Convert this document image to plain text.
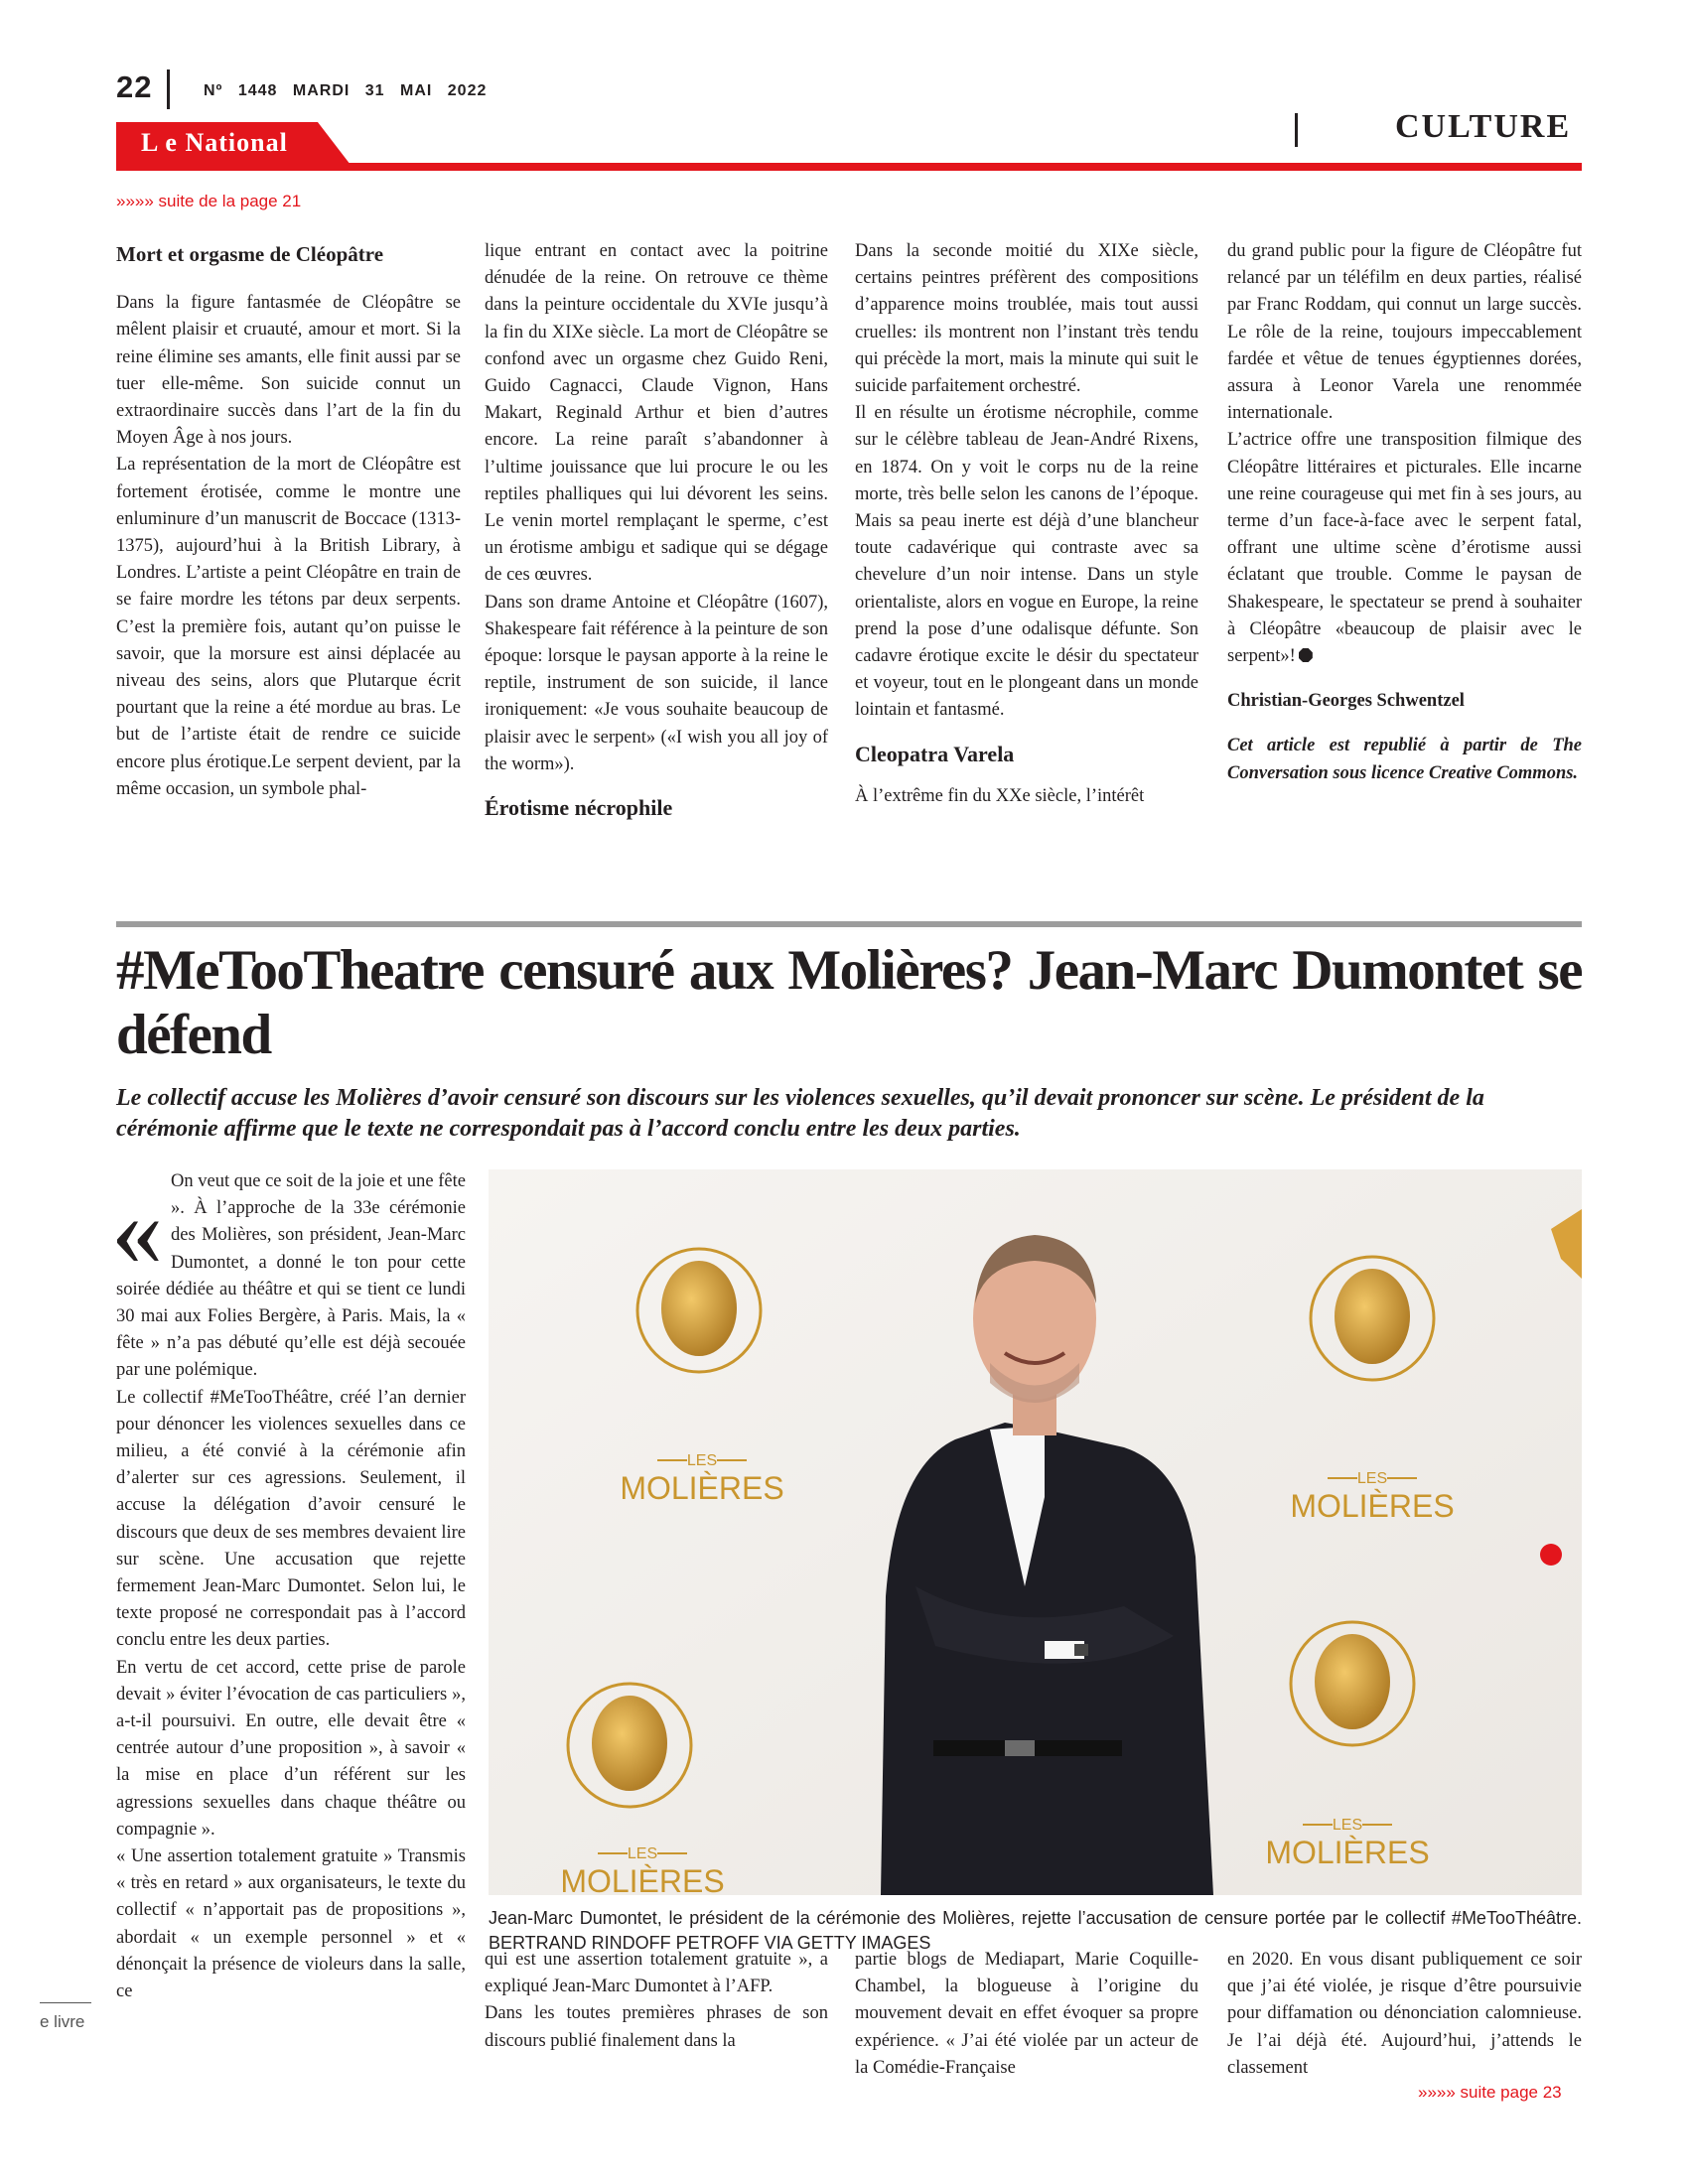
22	Nº 1448 MARDI 31 MAI 2022
L e National	CULTURE
»»»» suite de la page 21
Mort et orgasme de Cléopâtre

Dans la figure fantasmée de Cléopâtre se mêlent plaisir et cruauté, amour et mort. Si la reine élimine ses amants, elle finit aussi par se tuer elle-même. Son suicide connut un extraordinaire succès dans l’art de la fin du Moyen Âge à nos jours.

La représentation de la mort de Cléopâtre est fortement érotisée, comme le montre une enluminure d’un manuscrit de Boccace (1313-1375), aujourd’hui à la British Library, à Londres. L’artiste a peint Cléopâtre en train de se faire mordre les tétons par deux serpents. C’est la première fois, autant qu’on puisse le savoir, que la morsure est ainsi déplacée au niveau des seins, alors que Plutarque écrit pourtant que la reine a été mordue au bras. Le but de l’artiste était de rendre ce suicide encore plus érotique.Le serpent devient, par la même occasion, un symbole phal-

lique entrant en contact avec la poitrine dénudée de la reine. On retrouve ce thème dans la peinture occidentale du XVIe jusqu’à la fin du XIXe siècle. La mort de Cléopâtre se confond avec un orgasme chez Guido Reni, Guido Cagnacci, Claude Vignon, Hans Makart, Reginald Arthur et bien d’autres encore. La reine paraît s’abandonner à l’ultime jouissance que lui procure le ou les reptiles phalliques qui lui dévorent les seins. Le venin mortel remplaçant le sperme, c’est un érotisme ambigu et sadique qui se dégage de ces œuvres.

Dans son drame Antoine et Cléopâtre (1607), Shakespeare fait référence à la peinture de son époque: lorsque le paysan apporte à la reine le reptile, instrument de son suicide, il lance ironiquement: «Je vous souhaite beaucoup de plaisir avec le serpent» («I wish you all joy of the worm»).

Érotisme nécrophile

Dans la seconde moitié du XIXe siècle, certains peintres préfèrent des compositions d’apparence moins troublée, mais tout aussi cruelles: ils montrent non l’instant très tendu qui précède la mort, mais la minute qui suit le suicide parfaitement orchestré.

Il en résulte un érotisme nécrophile, comme sur le célèbre tableau de Jean-André Rixens, en 1874. On y voit le corps nu de la reine morte, très belle selon les canons de l’époque. Mais sa peau inerte est déjà d’une blancheur toute cadavérique qui contraste avec sa chevelure d’un noir intense. Dans un style orientaliste, alors en vogue en Europe, la reine prend la pose d’une odalisque défunte. Son cadavre érotique excite le désir du spectateur et voyeur, tout en le plongeant dans un monde lointain et fantasmé.

Cleopatra Varela

À l’extrême fin du XXe siècle, l’intérêt

du grand public pour la figure de Cléopâtre fut relancé par un téléfilm en deux parties, réalisé par Franc Roddam, qui connut un large succès. Le rôle de la reine, toujours impeccablement fardée et vêtue de tenues égyptiennes dorées, assura à Leonor Varela une renommée internationale.

L’actrice offre une transposition filmique des Cléopâtre littéraires et picturales. Elle incarne une reine courageuse qui met fin à ses jours, au terme d’un face-à-face avec le serpent fatal, offrant une ultime scène d’érotisme aussi éclatant que trouble. Comme le paysan de Shakespeare, le spectateur se prend à souhaiter à Cléopâtre «beaucoup de plaisir avec le serpent»!

Christian-Georges Schwentzel
Cet article est republié à partir de The Conversation sous licence Creative Commons.
#MeTooTheatre censuré aux Molières? Jean-Marc Dumontet se défend
Le collectif accuse les Molières d’avoir censuré son discours sur les violences sexuelles, qu’il devait prononcer sur scène. Le président de la cérémonie affirme que le texte ne correspondait pas à l’accord conclu entre les deux parties.
« On veut que ce soit de la joie et une fête ». À l’approche de la 33e cérémonie des Molières, son président, Jean-Marc Dumontet, a donné le ton pour cette soirée dédiée au théâtre et qui se tient ce lundi 30 mai aux Folies Bergère, à Paris. Mais, la « fête » n’a pas débuté qu’elle est déjà secouée par une polémique.

Le collectif #MeTooThéâtre, créé l’an dernier pour dénoncer les violences sexuelles dans ce milieu, a été convié à la cérémonie afin d’alerter sur ces agressions. Seulement, il accuse la délégation d’avoir censuré le discours que deux de ses membres devaient lire sur scène. Une accusation que rejette fermement Jean-Marc Dumontet. Selon lui, le texte proposé ne correspondait pas à l’accord conclu entre les deux parties.

En vertu de cet accord, cette prise de parole devait » éviter l’évocation de cas particuliers », a-t-il poursuivi. En outre, elle devait être « centrée autour d’une proposition », à savoir « la mise en place d’un référent sur les agressions sexuelles dans chaque théâtre ou compagnie ».

« Une assertion totalement gratuite » Transmis « très en retard » aux organisateurs, le texte du collectif « n’apportait pas de propositions », abordait « un exemple personnel » et « dénonçait la présence de violeurs dans la salle, ce

LES
MOLIÈRES	LES
MOLIÈRES
LES
MOLIÈRES
LES
MOLIÈRES
Jean-Marc Dumontet, le président de la cérémonie des Molières, rejette l’accusation de censure portée par le collectif #MeTooThéâtre. BERTRAND RINDOFF PETROFF VIA GETTY IMAGES

qui est une assertion totalement gratuite », a expliqué Jean-Marc Dumontet à l’AFP.

Dans les toutes premières phrases de son discours publié finalement dans la

partie blogs de Mediapart, Marie Coquille-Chambel, la blogueuse à l’origine du mouvement devait en effet évoquer sa propre expérience. « J’ai été violée par un acteur de la Comédie-Française

en 2020. En vous disant publiquement ce soir que j’ai été violée, je risque d’être poursuivie pour diffamation ou dénonciation calomnieuse. Je l’ai déjà été. Aujourd’hui, j’attends le classement

»»»» suite page 23
e livre
